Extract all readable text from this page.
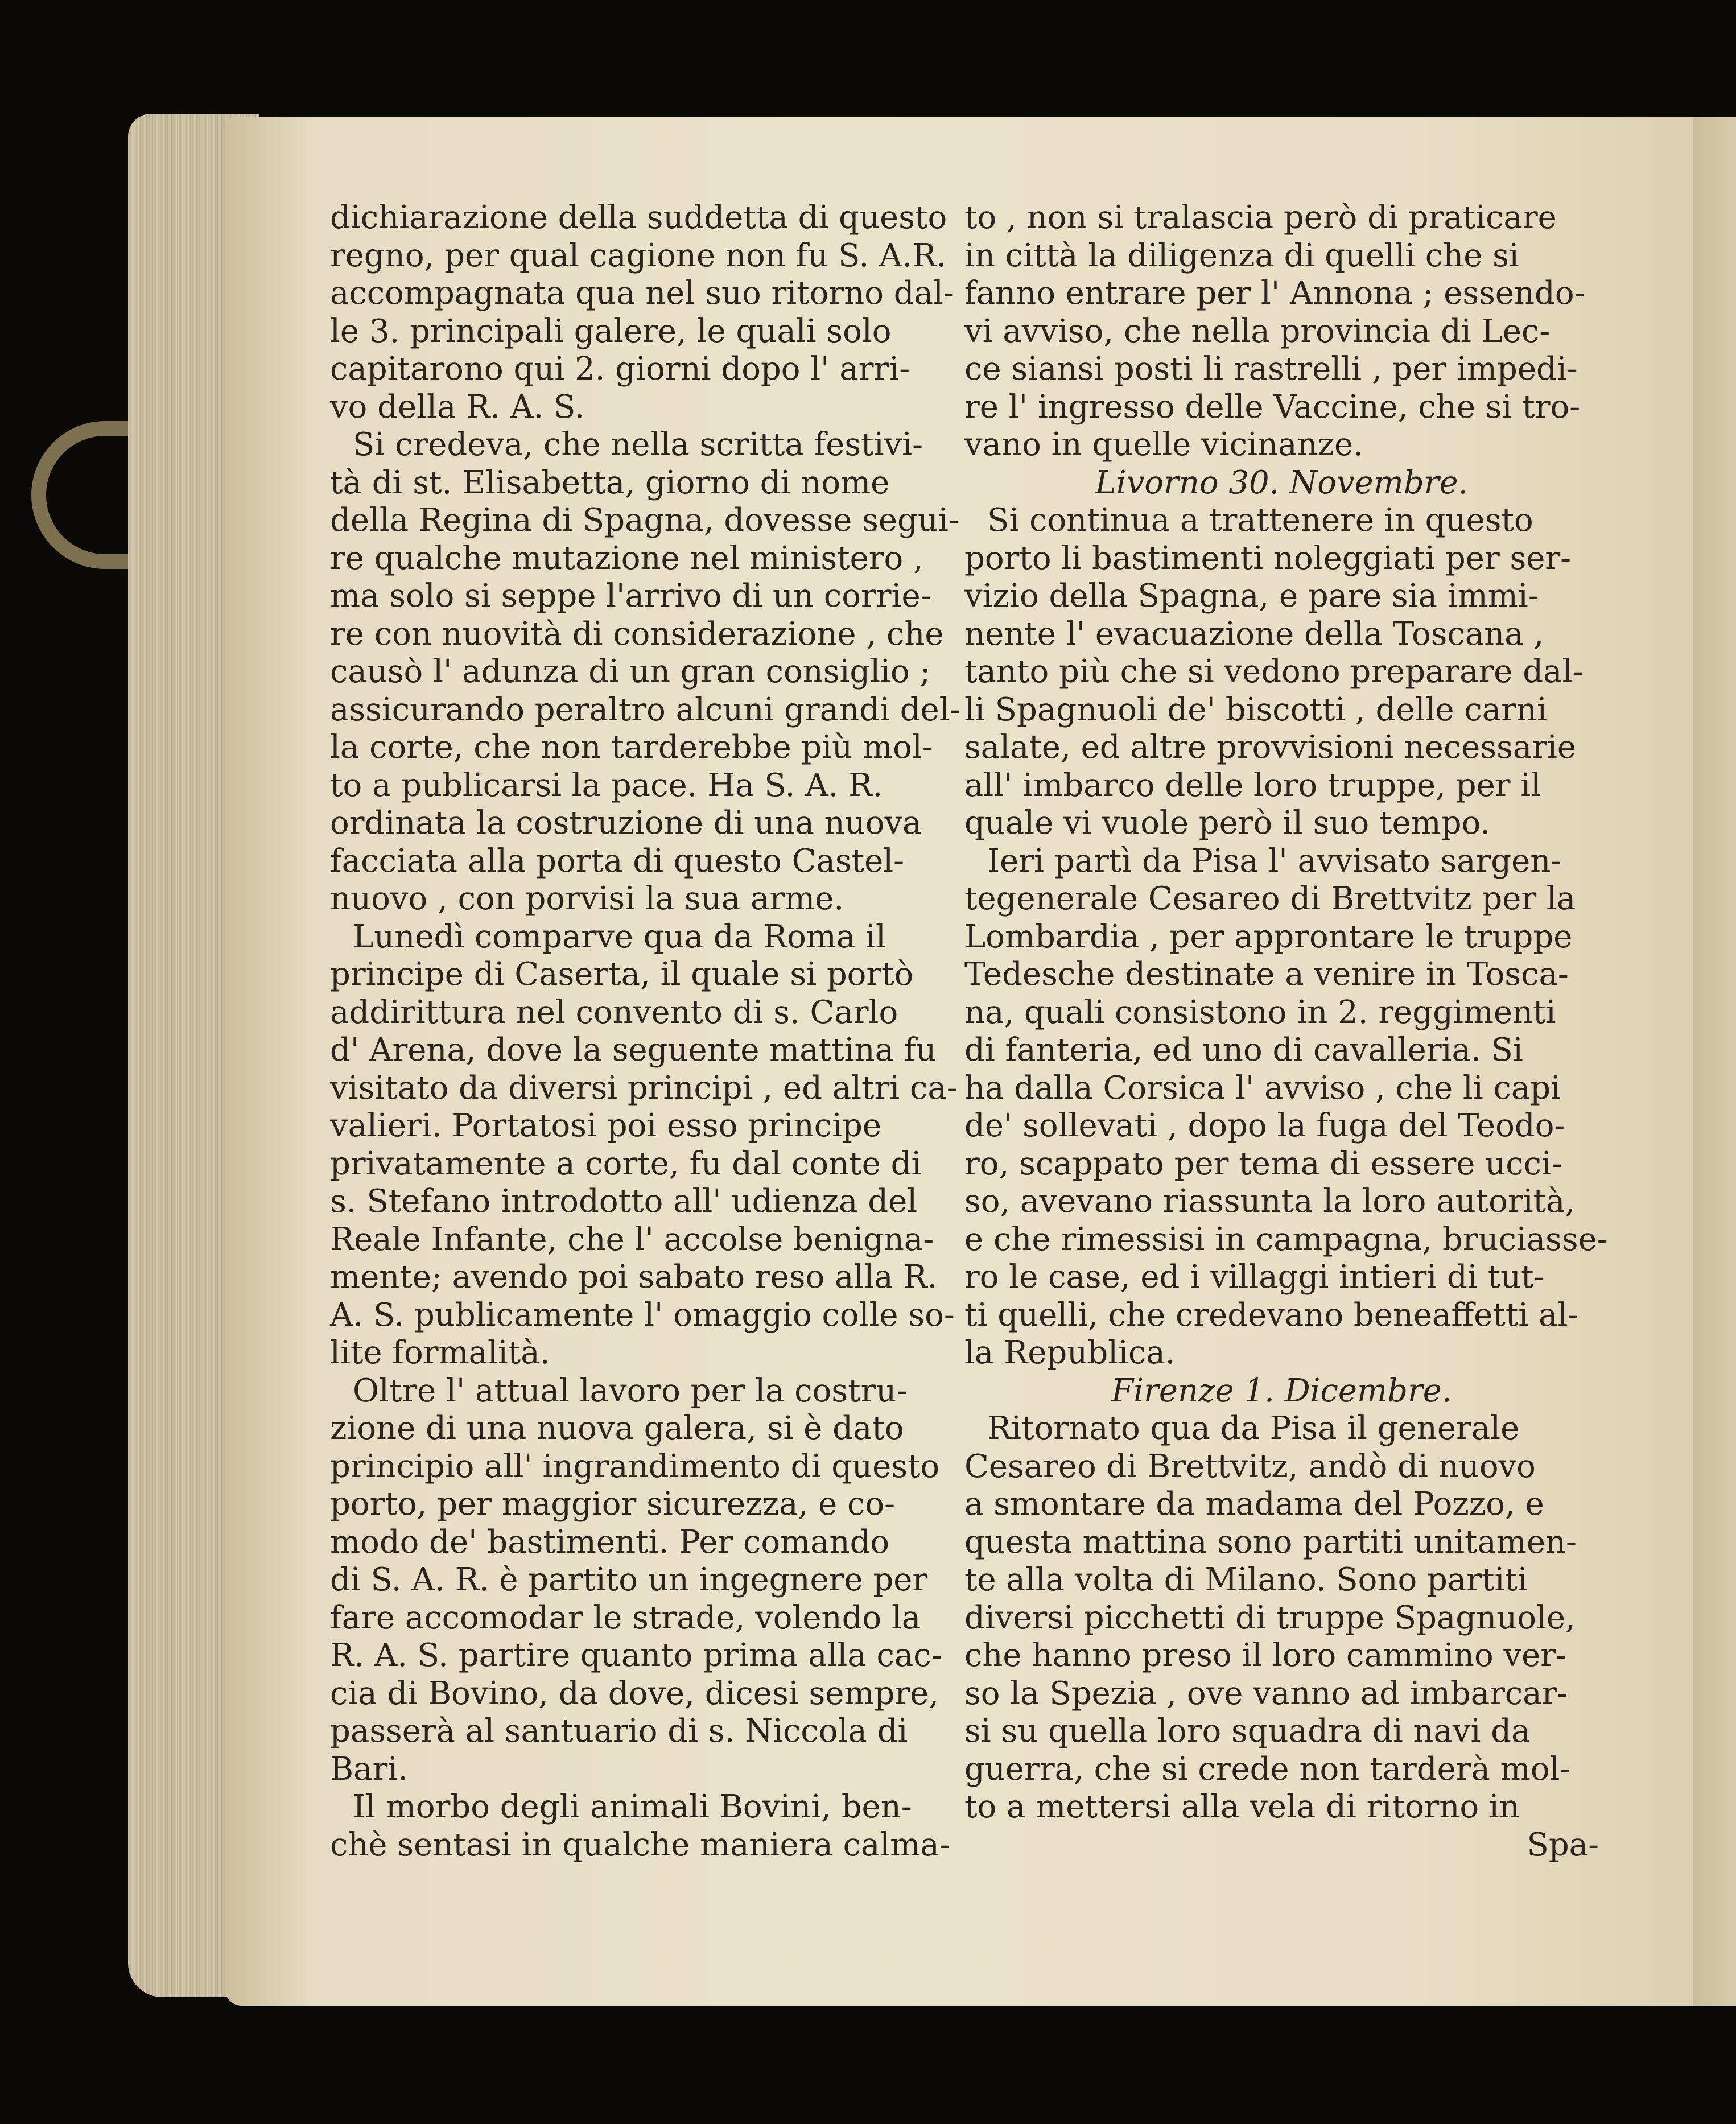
dichiarazione della suddetta di questo
regno, per qual cagione non fu S. A.R.
accompagnata qua nel suo ritorno dal-
le 3. principali galere, le quali solo
capitarono qui 2. giorni dopo l' arri-
vo della R. A. S.
Si credeva, che nella scritta festivi-
tà di st. Elisabetta, giorno di nome
della Regina di Spagna, dovesse segui-
re qualche mutazione nel ministero ,
ma solo si seppe l'arrivo di un corrie-
re con nuovità di considerazione , che
causò l' adunza di un gran consiglio ;
assicurando peraltro alcuni grandi del-
la corte, che non tarderebbe più mol-
to a publicarsi la pace. Ha S. A. R.
ordinata la costruzione di una nuova
facciata alla porta di questo Castel-
nuovo , con porvisi la sua arme.
Lunedì comparve qua da Roma il
principe di Caserta, il quale si portò
addirittura nel convento di s. Carlo
d' Arena, dove la seguente mattina fu
visitato da diversi principi , ed altri ca-
valieri. Portatosi poi esso principe
privatamente a corte, fu dal conte di
s. Stefano introdotto all' udienza del
Reale Infante, che l' accolse benigna-
mente; avendo poi sabato reso alla R.
A. S. publicamente l' omaggio colle so-
lite formalità.
Oltre l' attual lavoro per la costru-
zione di una nuova galera, si è dato
principio all' ingrandimento di questo
porto, per maggior sicurezza, e co-
modo de' bastimenti. Per comando
di S. A. R. è partito un ingegnere per
fare accomodar le strade, volendo la
R. A. S. partire quanto prima alla cac-
cia di Bovino, da dove, dicesi sempre,
passerà al santuario di s. Niccola di
Bari.
Il morbo degli animali Bovini, ben-
chè sentasi in qualche maniera calma-
to , non si tralascia però di praticare
in città la diligenza di quelli che si
fanno entrare per l' Annona ; essendo-
vi avviso, che nella provincia di Lec-
ce siansi posti li rastrelli , per impedi-
re l' ingresso delle Vaccine, che si tro-
vano in quelle vicinanze.
Livorno 30. Novembre.
Si continua a trattenere in questo
porto li bastimenti noleggiati per ser-
vizio della Spagna, e pare sia immi-
nente l' evacuazione della Toscana ,
tanto più che si vedono preparare dal-
li Spagnuoli de' biscotti , delle carni
salate, ed altre provvisioni necessarie
all' imbarco delle loro truppe, per il
quale vi vuole però il suo tempo.
Ieri partì da Pisa l' avvisato sargen-
tegenerale Cesareo di Brettvitz per la
Lombardia , per approntare le truppe
Tedesche destinate a venire in Tosca-
na, quali consistono in 2. reggimenti
di fanteria, ed uno di cavalleria. Si
ha dalla Corsica l' avviso , che li capi
de' sollevati , dopo la fuga del Teodo-
ro, scappato per tema di essere ucci-
so, avevano riassunta la loro autorità,
e che rimessisi in campagna, bruciasse-
ro le case, ed i villaggi intieri di tut-
ti quelli, che credevano beneaffetti al-
la Republica.
Firenze 1. Dicembre.
Ritornato qua da Pisa il generale
Cesareo di Brettvitz, andò di nuovo
a smontare da madama del Pozzo, e
questa mattina sono partiti unitamen-
te alla volta di Milano. Sono partiti
diversi picchetti di truppe Spagnuole,
che hanno preso il loro cammino ver-
so la Spezia , ove vanno ad imbarcar-
si su quella loro squadra di navi da
guerra, che si crede non tarderà mol-
to a mettersi alla vela di ritorno in
Spa-
